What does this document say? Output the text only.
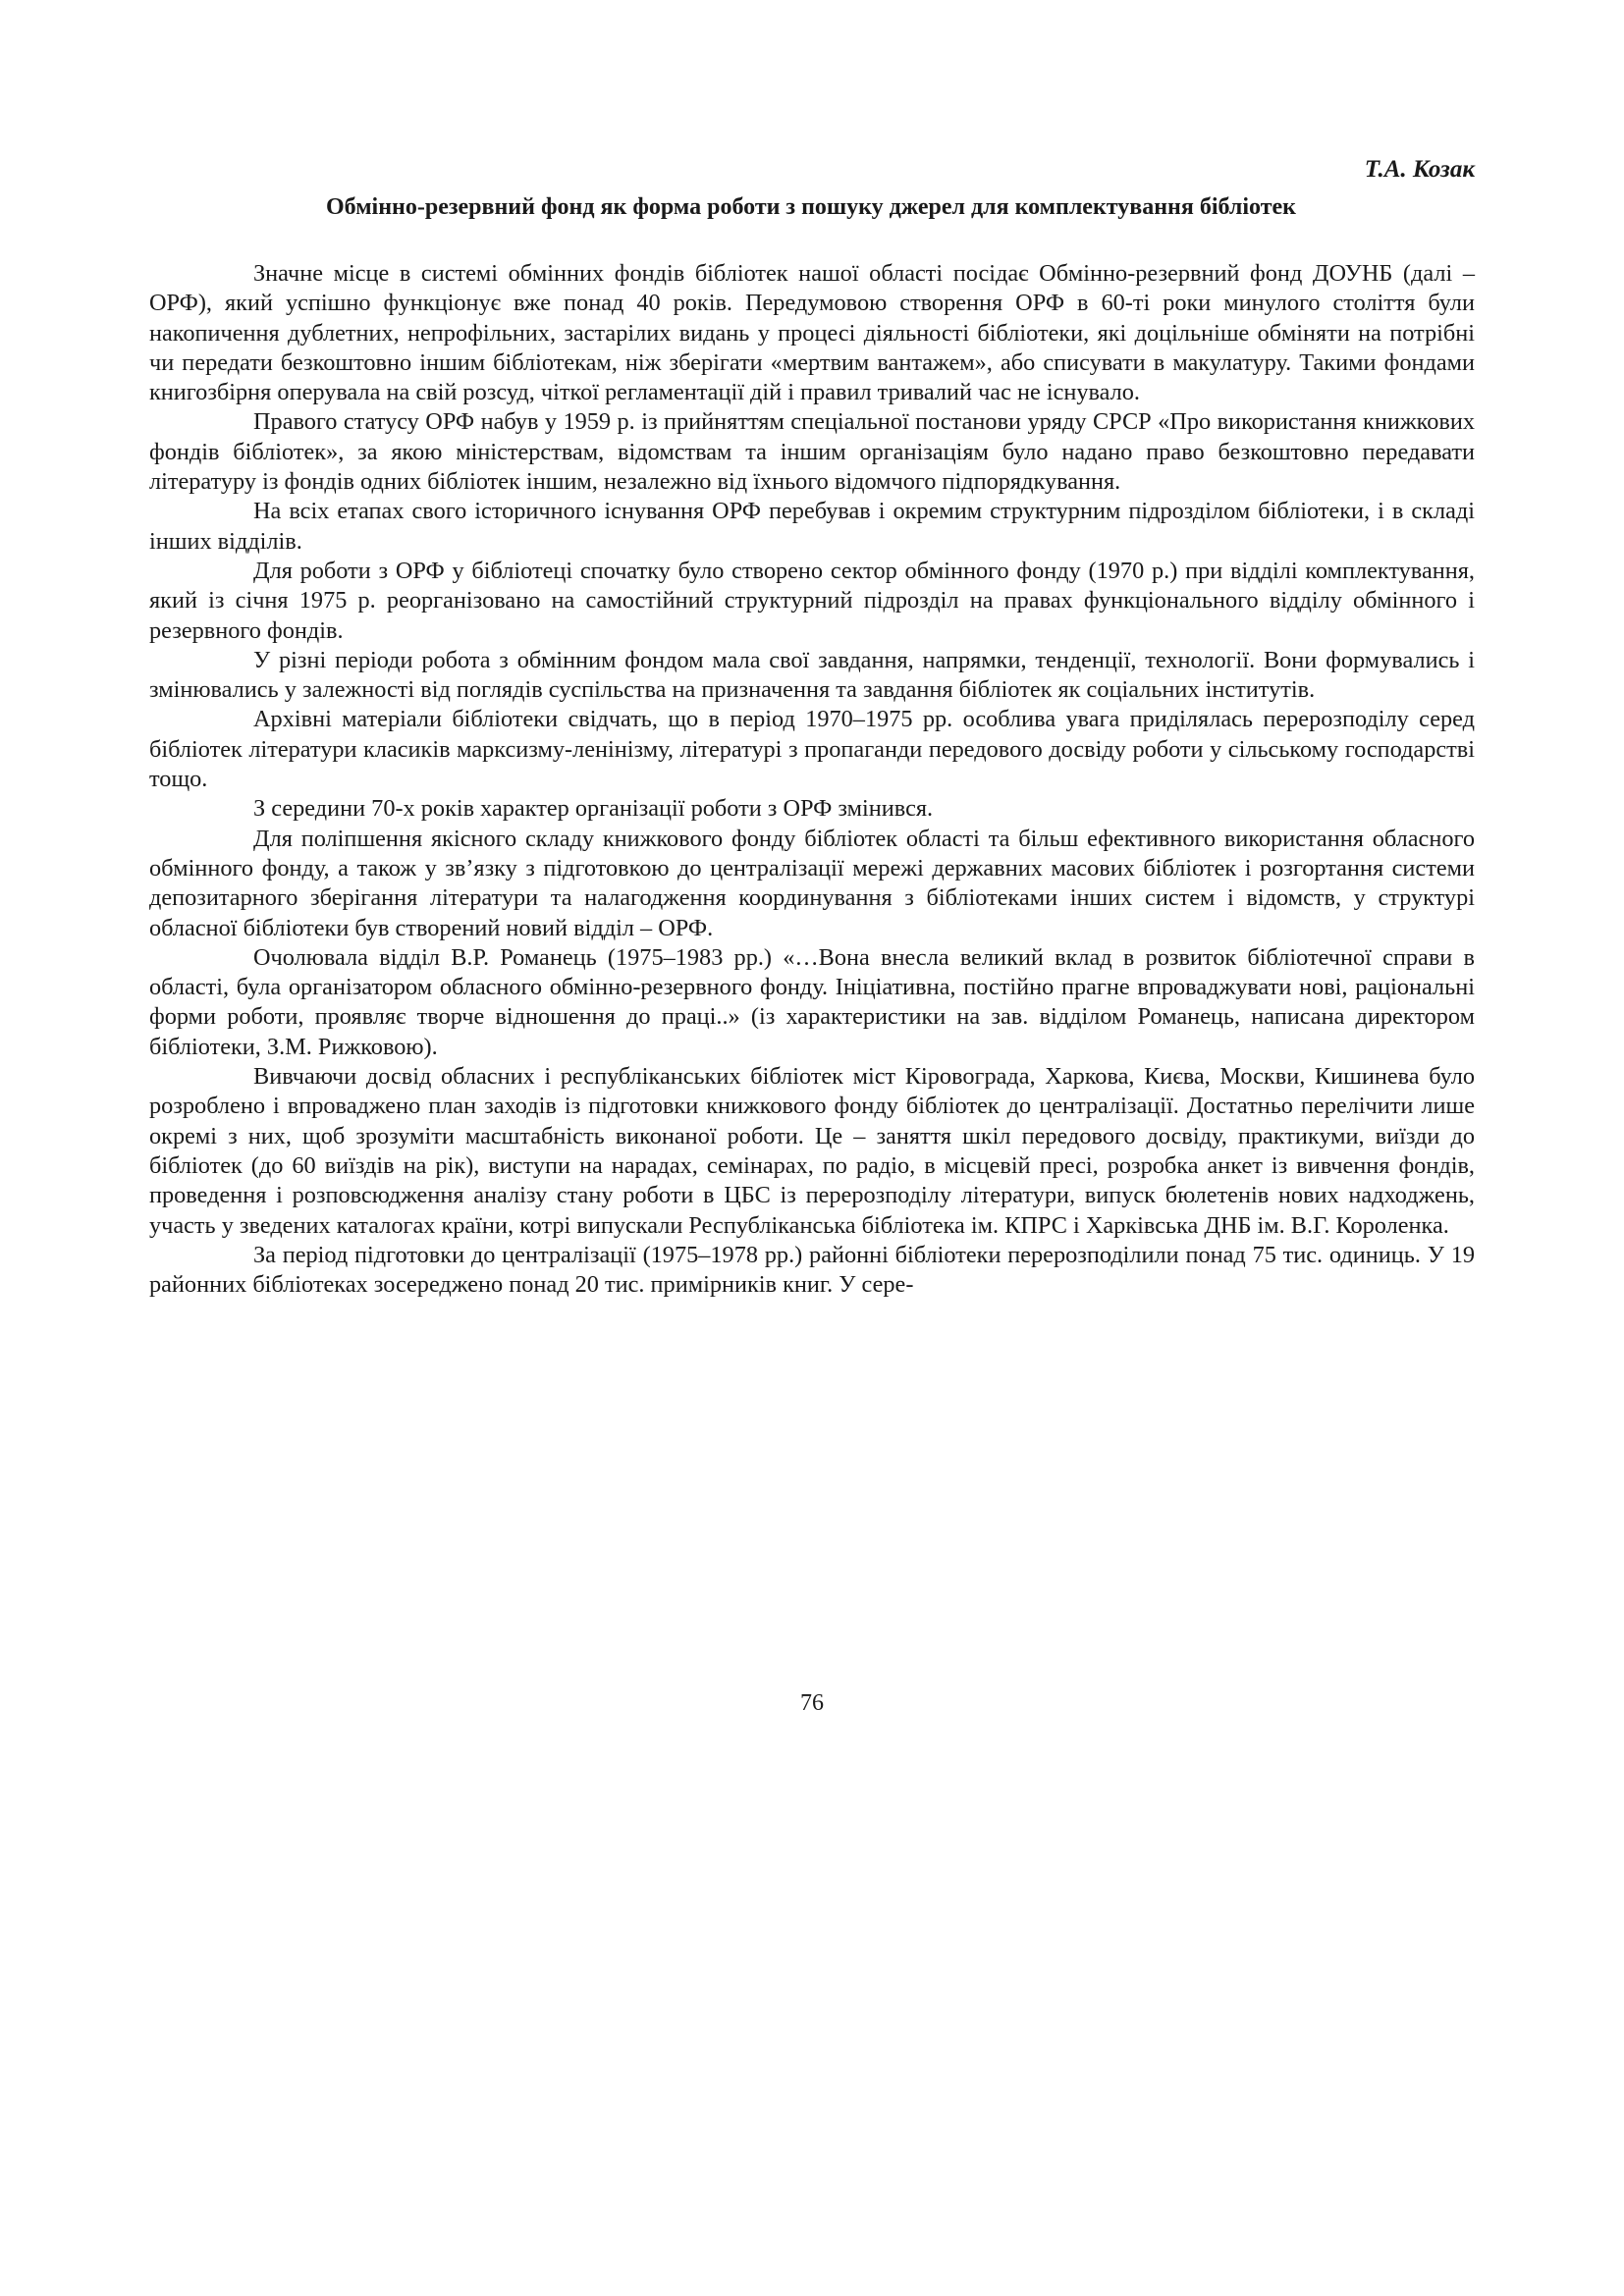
Т.А. Козак

Обмінно-резервний фонд як форма роботи з пошуку джерел для комплектування бібліотек

Значне місце в системі обмінних фондів бібліотек нашої області посідає Обмінно-резервний фонд ДОУНБ (далі – ОРФ), який успішно функціонує вже понад 40 років. Передумовою створення ОРФ в 60-ті роки минулого століття були накопичення дублетних, непрофільних, застарілих видань у процесі діяльності бібліотеки, які доцільніше обміняти на потрібні чи передати безкоштовно іншим бібліотекам, ніж зберігати «мертвим вантажем», або списувати в макулатуру. Такими фондами книгозбірня оперувала на свій розсуд, чіткої регламентації дій і правил тривалий час не існувало.

Правого статусу ОРФ набув у 1959 р. із прийняттям спеціальної постанови уряду СРСР «Про використання книжкових фондів бібліотек», за якою міністерствам, відомствам та іншим організаціям було надано право безкоштовно передавати літературу із фондів одних бібліотек іншим, незалежно від їхнього відомчого підпорядкування.

На всіх етапах свого історичного існування ОРФ перебував і окремим структурним підрозділом бібліотеки, і в складі інших відділів.

Для роботи з ОРФ у бібліотеці спочатку було створено сектор обмінного фонду (1970 р.) при відділі комплектування, який із січня 1975 р. реорганізовано на самостійний структурний підрозділ на правах функціонального відділу обмінного і резервного фондів.

У різні періоди робота з обмінним фондом мала свої завдання, напрямки, тенденції, технології. Вони формувались і змінювались у залежності від поглядів суспільства на призначення та завдання бібліотек як соціальних інститутів.

Архівні матеріали бібліотеки свідчать, що в період 1970–1975 рр. особлива увага приділялась перерозподілу серед бібліотек літератури класиків марксизму-ленінізму, літературі з пропаганди передового досвіду роботи у сільському господарстві тощо.

З середини 70-х років характер організації роботи з ОРФ змінився.

Для поліпшення якісного складу книжкового фонду бібліотек області та більш ефективного використання обласного обмінного фонду, а також у зв’язку з підготовкою до централізації мережі державних масових бібліотек і розгортання системи депозитарного зберігання літератури та налагодження координування з бібліотеками інших систем і відомств, у структурі обласної бібліотеки був створений новий відділ – ОРФ.

Очолювала відділ В.Р. Романець (1975–1983 рр.) «…Вона внесла великий вклад в розвиток бібліотечної справи в області, була організатором обласного обмінно-резервного фонду. Ініціативна, постійно прагне впроваджувати нові, раціональні форми роботи, проявляє творче відношення до праці..» (із характеристики на зав. відділом Романець, написана директором бібліотеки, З.М. Рижковою).

Вивчаючи досвід обласних і республіканських бібліотек міст Кіровограда, Харкова, Києва, Москви, Кишинева було розроблено і впроваджено план заходів із підготовки книжкового фонду бібліотек до централізації. Достатньо перелічити лише окремі з них, щоб зрозуміти масштабність виконаної роботи. Це – заняття шкіл передового досвіду, практикуми, виїзди до бібліотек (до 60 виїздів на рік), виступи на нарадах, семінарах, по радіо, в місцевій пресі, розробка анкет із вивчення фондів, проведення і розповсюдження аналізу стану роботи в ЦБС із перерозподілу літератури, випуск бюлетенів нових надходжень, участь у зведених каталогах країни, котрі випускали Республіканська бібліотека ім. КПРС і Харківська ДНБ ім. В.Г. Короленка.

За період підготовки до централізації (1975–1978 рр.) районні бібліотеки перерозподілили понад 75 тис. одиниць. У 19 районних бібліотеках зосереджено понад 20 тис. примірників книг. У сере-

76
